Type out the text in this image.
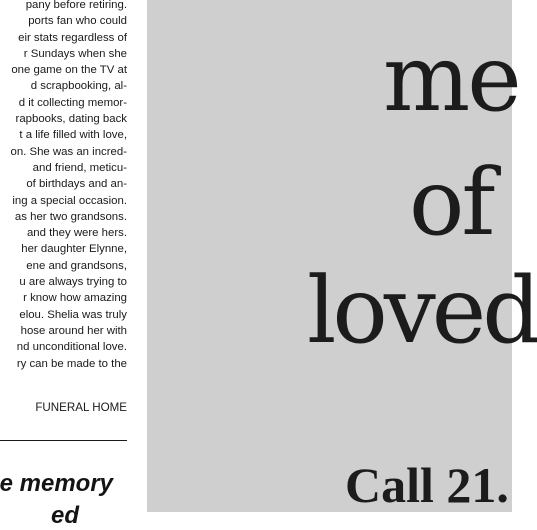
pany before retiring.
ports fan who could
eir stats regardless of
r Sundays when she
one game on the TV at
d scrapbooking, al-
d it collecting memor-
rapbooks, dating back
t a life filled with love,
on. She was an incred-
and friend, meticu-
of birthdays and an-
ing a special occasion.
as her two grandsons.
and they were hers.
her daughter Elynne,
ene and grandsons,
u are always trying to
r know how amazing
elou. Shelia was truly
hose around her with
nd unconditional love.
ry can be made to the

FUNERAL HOME
e memory
ed
me
of
loved
Call 21.
